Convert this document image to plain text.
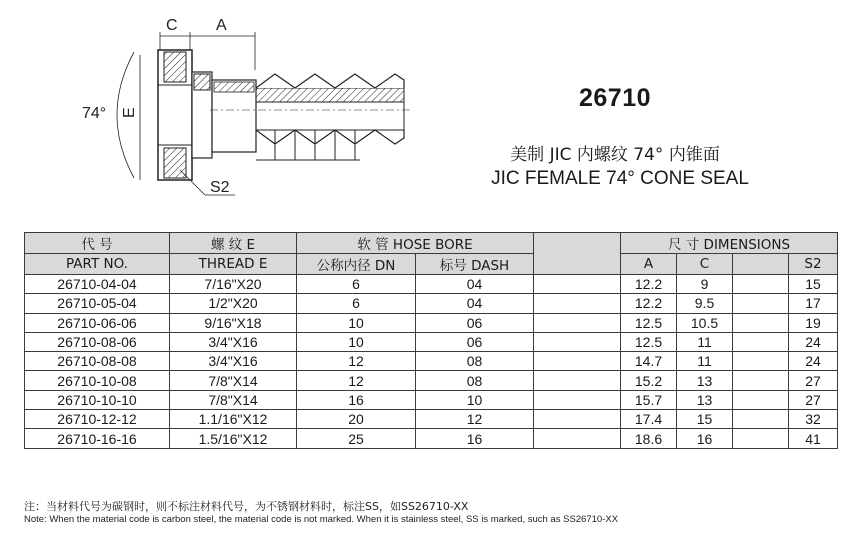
C A
74° E
S2
26710
美制 JIC 内螺纹 74° 内锥面
JIC FEMALE 74° CONE SEAL
代 号	螺 纹 E	软 管 HOSE BORE			尺 寸 DIMENSIONS			
PART NO.	THREAD E	公称内径 DN	标号 DASH		A	C		S2
26710-04-04	7/16"X20	6	04		12.2	9		15
26710-05-04	1/2"X20	6	04		12.2	9.5		17
26710-06-06	9/16"X18	10	06		12.5	10.5		19
26710-08-06	3/4"X16	10	06		12.5	11		24
26710-08-08	3/4"X16	12	08		14.7	11		24
26710-10-08	7/8"X14	12	08		15.2	13		27
26710-10-10	7/8"X14	16	10		15.7	13		27
26710-12-12	1.1/16"X12	20	12		17.4	15		32
26710-16-16	1.5/16"X12	25	16		18.6	16		41
注：当材料代号为碳钢时，则不标注材料代号，为不锈钢材料时，标注SS，如SS26710-XX
Note: When the material code is carbon steel, the material code is not marked. When it is stainless steel, SS is marked, such as SS26710-XX
